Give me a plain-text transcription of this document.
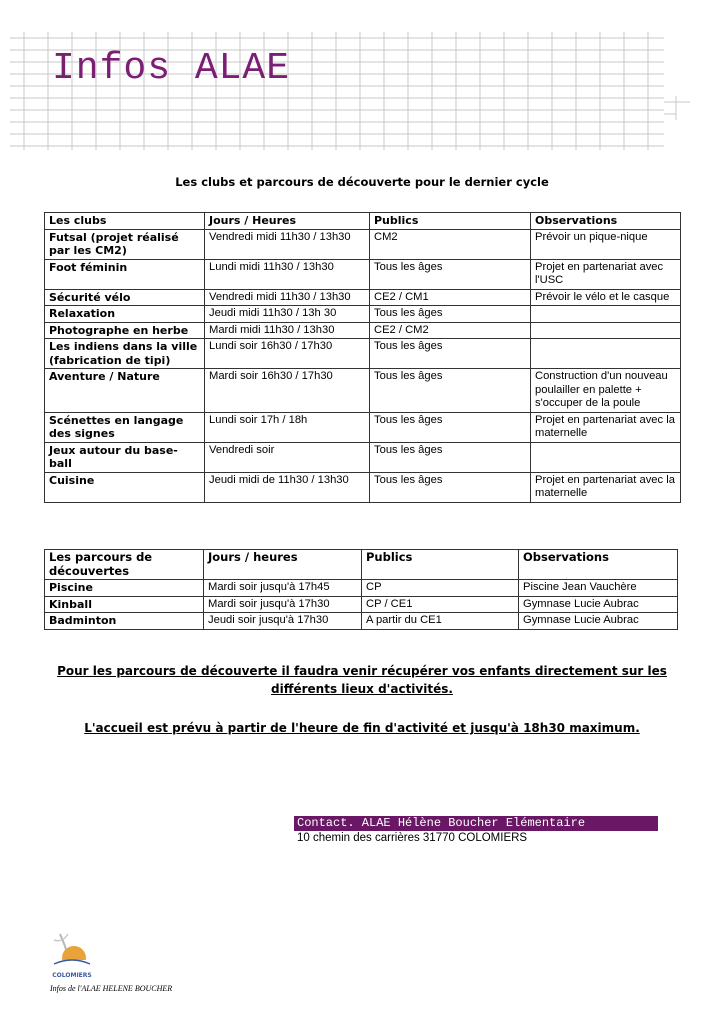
Infos ALAE
Les clubs et parcours de découverte pour le dernier cycle
Les clubs	Jours / Heures	Publics	Observations
Futsal (projet réalisé par les CM2)	Vendredi midi 11h30 / 13h30	CM2	Prévoir un pique-nique
Foot féminin	Lundi midi 11h30 / 13h30	Tous les âges	Projet en partenariat avec l'USC
Sécurité vélo	Vendredi midi 11h30 / 13h30	CE2 / CM1	Prévoir le vélo et le casque
Relaxation	Jeudi midi 11h30 / 13h 30	Tous les âges	
Photographe en herbe	Mardi midi 11h30 / 13h30	CE2 / CM2	
Les indiens dans la ville (fabrication de tipi)	Lundi soir 16h30 / 17h30	Tous les âges	
Aventure / Nature	Mardi soir 16h30 / 17h30	Tous les âges	Construction d'un nouveau poulailler en palette + s'occuper de la poule
Scénettes en langage des signes	Lundi soir 17h / 18h	Tous les âges	Projet en partenariat avec la maternelle
Jeux autour du base-ball	Vendredi soir	Tous les âges	
Cuisine	Jeudi midi de 11h30 / 13h30	Tous les âges	Projet en partenariat avec la maternelle
Les parcours de découvertes	Jours / heures	Publics	Observations
Piscine	Mardi soir jusqu'à 17h45	CP	Piscine Jean Vauchère
Kinball	Mardi soir jusqu'à 17h30	CP / CE1	Gymnase Lucie Aubrac
Badminton	Jeudi soir jusqu'à 17h30	A partir du CE1	Gymnase Lucie Aubrac
Pour les parcours de découverte il faudra venir récupérer vos enfants directement sur les différents lieux d'activités.
L'accueil est prévu à partir de l'heure de fin d'activité et jusqu'à 18h30 maximum.
Contact. ALAE Hélène Boucher Elémentaire
10 chemin des carrières 31770 COLOMIERS
COLOMIERS
Infos de l'ALAE HELENE BOUCHER
